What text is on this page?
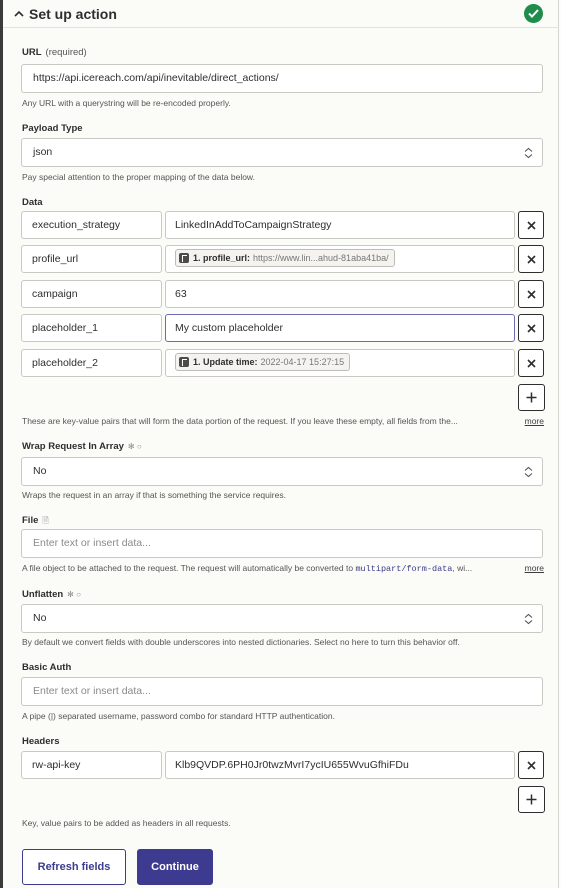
Set up action
URL (required)
https://api.icereach.com/api/inevitable/direct_actions/
Any URL with a querystring will be re-encoded properly.
Payload Type
json
Pay special attention to the proper mapping of the data below.
Data
execution_strategy	LinkedInAddToCampaignStrategy
profile_url	1. profile_url: https://www.lin...ahud-81aba41ba/
campaign	63
placeholder_1	My custom placeholder
placeholder_2	1. Update time: 2022-04-17 15:27:15
These are key-value pairs that will form the data portion of the request. If you leave these empty, all fields from the...	more
Wrap Request In Array ✻ ○
No
Wraps the request in an array if that is something the service requires.
File 🗎
Enter text or insert data...
A file object to be attached to the request. The request will automatically be converted to multipart/form-data, wi...	more
Unflatten ✻ ○
No
By default we convert fields with double underscores into nested dictionaries. Select no here to turn this behavior off.
Basic Auth
Enter text or insert data...
A pipe (|) separated username, password combo for standard HTTP authentication.
Headers
rw-api-key	Klb9QVDP.6PH0Jr0twzMvrI7ycIU655WvuGfhiFDu
Key, value pairs to be added as headers in all requests.
Refresh fields	Continue
